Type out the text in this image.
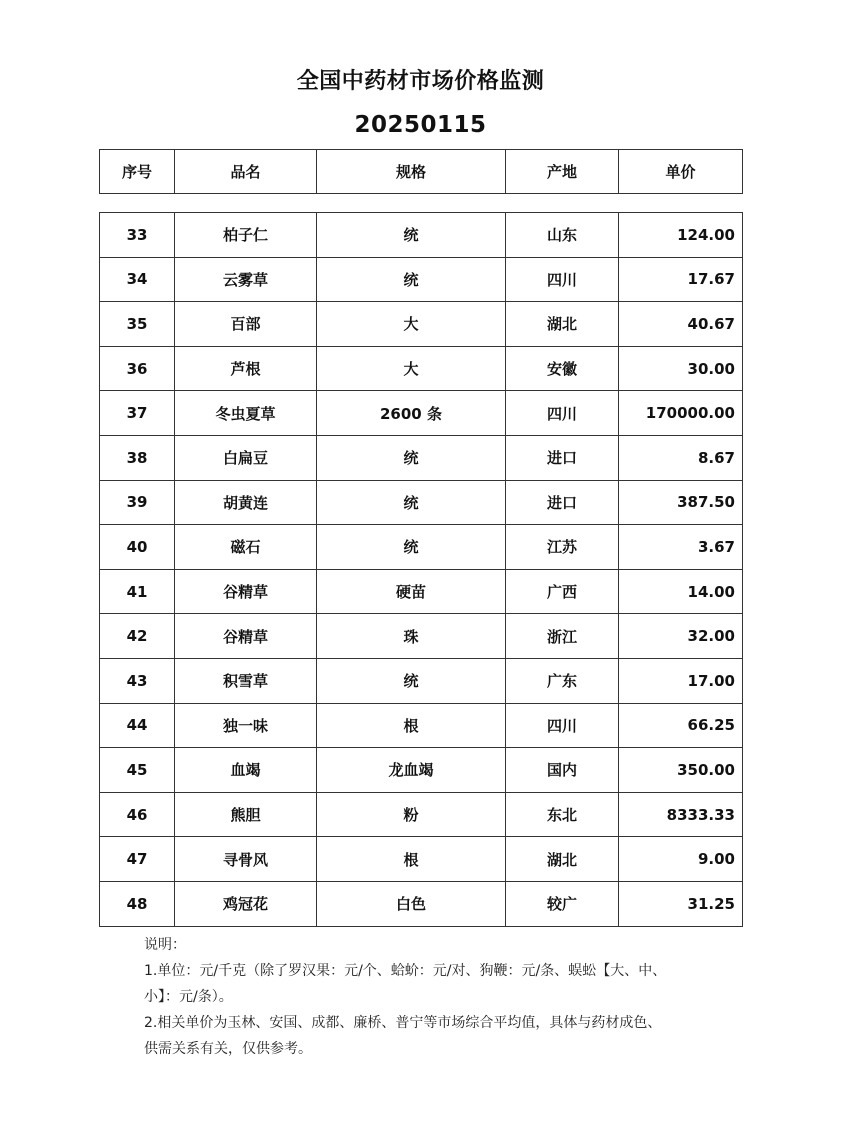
全国中药材市场价格监测
20250115
序号	品名	规格	产地	单价
33	柏子仁	统	山东	124.00
34	云雾草	统	四川	17.67
35	百部	大	湖北	40.67
36	芦根	大	安徽	30.00
37	冬虫夏草	2600 条	四川	170000.00
38	白扁豆	统	进口	8.67
39	胡黄连	统	进口	387.50
40	磁石	统	江苏	3.67
41	谷精草	硬苗	广西	14.00
42	谷精草	珠	浙江	32.00
43	积雪草	统	广东	17.00
44	独一味	根	四川	66.25
45	血竭	龙血竭	国内	350.00
46	熊胆	粉	东北	8333.33
47	寻骨风	根	湖北	9.00
48	鸡冠花	白色	较广	31.25

说明：

1.单位：元/千克（除了罗汉果：元/个、蛤蚧：元/对、狗鞭：元/条、蜈蚣【大、中、

小】：元/条）。

2.相关单价为玉林、安国、成都、廉桥、普宁等市场综合平均值，具体与药材成色、

供需关系有关，仅供参考。
